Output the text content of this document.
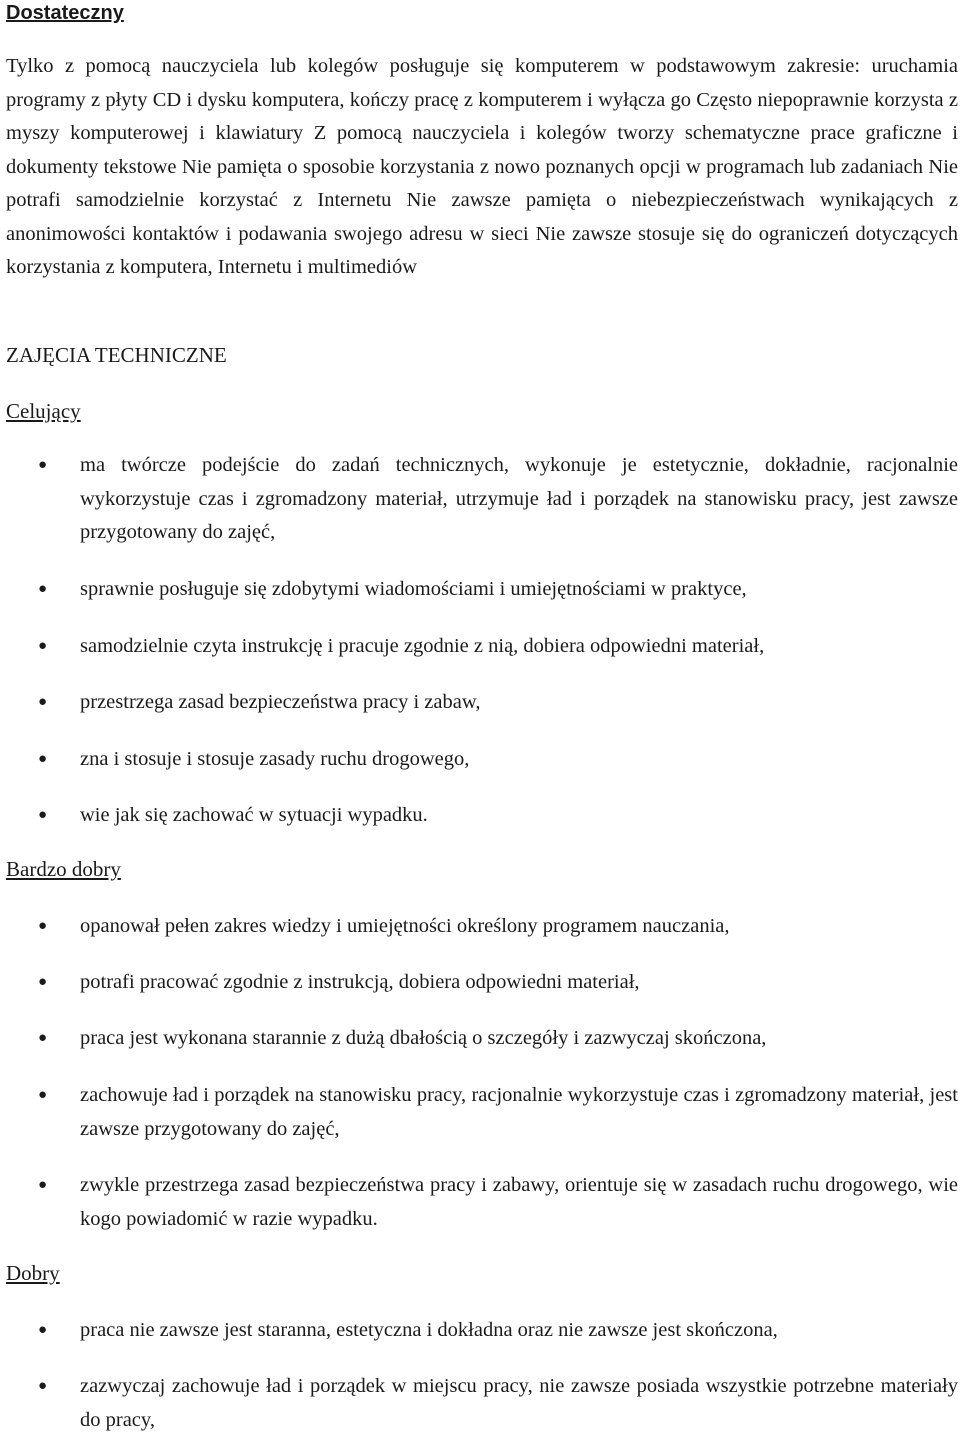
Dostateczny
Tylko z pomocą nauczyciela lub kolegów posługuje się komputerem w podstawowym zakresie: uruchamia programy z płyty CD i dysku komputera, kończy pracę z komputerem i wyłącza go Często niepoprawnie korzysta z myszy komputerowej i klawiatury Z pomocą nauczyciela i kolegów tworzy schematyczne prace graficzne i dokumenty tekstowe Nie pamięta o sposobie korzystania z nowo poznanych opcji w programach lub zadaniach Nie potrafi samodzielnie korzystać z Internetu Nie zawsze pamięta o niebezpieczeństwach wynikających z anonimowości kontaktów i podawania swojego adresu w sieci Nie zawsze stosuje się do ograniczeń dotyczących korzystania z komputera, Internetu i multimediów
ZAJĘCIA TECHNICZNE
Celujący
● ma twórcze podejście do zadań technicznych, wykonuje je estetycznie, dokładnie, racjonalnie wykorzystuje czas i zgromadzony materiał, utrzymuje ład i porządek na stanowisku pracy, jest zawsze przygotowany do zajęć,
● sprawnie posługuje się zdobytymi wiadomościami i umiejętnościami w praktyce,
● samodzielnie czyta instrukcję i pracuje zgodnie z nią, dobiera odpowiedni materiał,
● przestrzega zasad bezpieczeństwa pracy i zabaw,
● zna i stosuje i stosuje zasady ruchu drogowego,
● wie jak się zachować w sytuacji wypadku.
Bardzo dobry
● opanował pełen zakres wiedzy i umiejętności określony programem nauczania,
● potrafi pracować zgodnie z instrukcją, dobiera odpowiedni materiał,
● praca jest wykonana starannie z dużą dbałością o szczegóły i zazwyczaj skończona,
● zachowuje ład i porządek na stanowisku pracy, racjonalnie wykorzystuje czas i zgromadzony materiał, jest zawsze przygotowany do zajęć,
● zwykle przestrzega zasad bezpieczeństwa pracy i zabawy, orientuje się w zasadach ruchu drogowego, wie kogo powiadomić w razie wypadku.
Dobry
● praca nie zawsze jest staranna, estetyczna i dokładna oraz nie zawsze jest skończona,
● zazwyczaj zachowuje ład i porządek w miejscu pracy, nie zawsze posiada wszystkie potrzebne materiały do pracy,
